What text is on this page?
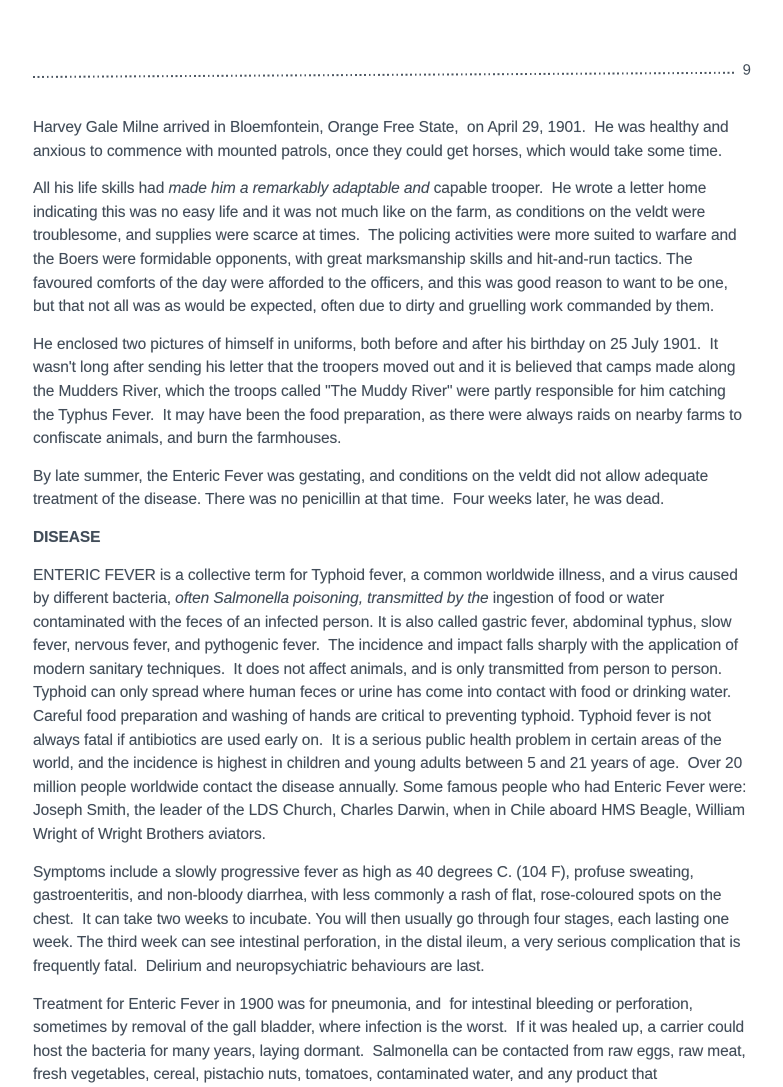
9

Harvey Gale Milne arrived in Bloemfontein, Orange Free State,  on April 29, 1901.  He was healthy and anxious to commence with mounted patrols, once they could get horses, which would take some time.

All his life skills had made him a remarkably adaptable and capable trooper.  He wrote a letter home indicating this was no easy life and it was not much like on the farm, as conditions on the veldt were troublesome, and supplies were scarce at times.  The policing activities were more suited to warfare and the Boers were formidable opponents, with great marksmanship skills and hit-and-run tactics. The favoured comforts of the day were afforded to the officers, and this was good reason to want to be one, but that not all was as would be expected, often due to dirty and gruelling work commanded by them.

He enclosed two pictures of himself in uniforms, both before and after his birthday on 25 July 1901.  It wasn't long after sending his letter that the troopers moved out and it is believed that camps made along the Mudders River, which the troops called "The Muddy River" were partly responsible for him catching the Typhus Fever.  It may have been the food preparation, as there were always raids on nearby farms to confiscate animals, and burn the farmhouses.

By late summer, the Enteric Fever was gestating, and conditions on the veldt did not allow adequate treatment of the disease. There was no penicillin at that time.  Four weeks later, he was dead.

DISEASE

ENTERIC FEVER is a collective term for Typhoid fever, a common worldwide illness, and a virus caused by different bacteria, often Salmonella poisoning, transmitted by the ingestion of food or water contaminated with the feces of an infected person. It is also called gastric fever, abdominal typhus, slow fever, nervous fever, and pythogenic fever.  The incidence and impact falls sharply with the application of modern sanitary techniques.  It does not affect animals, and is only transmitted from person to person.  Typhoid can only spread where human feces or urine has come into contact with food or drinking water.  Careful food preparation and washing of hands are critical to preventing typhoid. Typhoid fever is not always fatal if antibiotics are used early on.  It is a serious public health problem in certain areas of the world, and the incidence is highest in children and young adults between 5 and 21 years of age.  Over 20 million people worldwide contact the disease annually. Some famous people who had Enteric Fever were: Joseph Smith, the leader of the LDS Church, Charles Darwin, when in Chile aboard HMS Beagle, William Wright of Wright Brothers aviators.

Symptoms include a slowly progressive fever as high as 40 degrees C. (104 F), profuse sweating, gastroenteritis, and non-bloody diarrhea, with less commonly a rash of flat, rose-coloured spots on the chest.  It can take two weeks to incubate. You will then usually go through four stages, each lasting one week. The third week can see intestinal perforation, in the distal ileum, a very serious complication that is frequently fatal.  Delirium and neuropsychiatric behaviours are last.

Treatment for Enteric Fever in 1900 was for pneumonia, and  for intestinal bleeding or perforation, sometimes by removal of the gall bladder, where infection is the worst.  If it was healed up, a carrier could host the bacteria for many years, laying dormant.  Salmonella can be contacted from raw eggs, raw meat, fresh vegetables, cereal, pistachio nuts, tomatoes, contaminated water, and any product that
